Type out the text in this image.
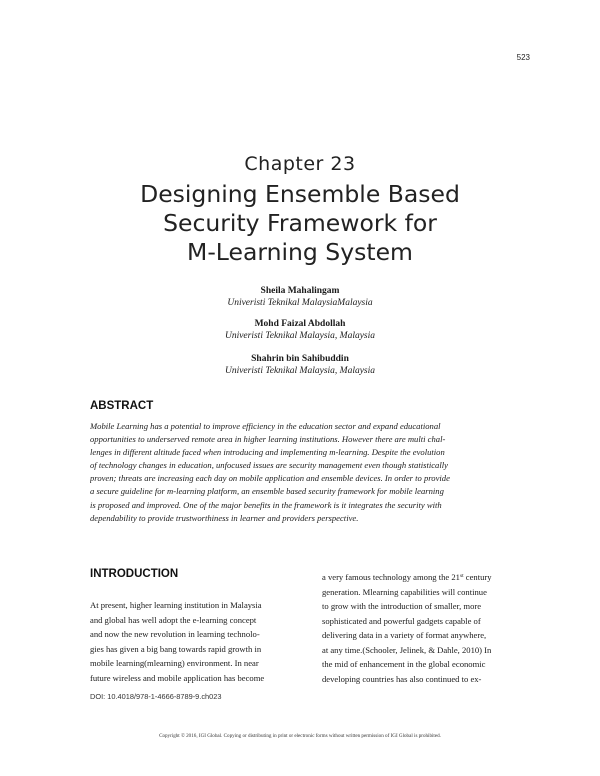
523
Chapter 23
Designing Ensemble Based
Security Framework for
M-Learning System
Sheila Mahalingam
Univeristi Teknikal MalaysiaMalaysia
Mohd Faizal Abdollah
Univeristi Teknikal Malaysia, Malaysia
Shahrin bin Sahibuddin
Univeristi Teknikal Malaysia, Malaysia
ABSTRACT
Mobile Learning has a potential to improve efficiency in the education sector and expand educational
opportunities to underserved remote area in higher learning institutions. However there are multi chal-
lenges in different altitude faced when introducing and implementing m-learning. Despite the evolution
of technology changes in education, unfocused issues are security management even though statistically
proven; threats are increasing each day on mobile application and ensemble devices. In order to provide
a secure guideline for m-learning platform, an ensemble based security framework for mobile learning
is proposed and improved. One of the major benefits in the framework is it integrates the security with
dependability to provide trustworthiness in learner and providers perspective.
INTRODUCTION
At present, higher learning institution in Malaysia
and global has well adopt the e-learning concept
and now the new revolution in learning technolo-
gies has given a big bang towards rapid growth in
mobile learning(mlearning) environment. In near
future wireless and mobile application has become
a very famous technology among the 21st century
generation. Mlearning capabilities will continue
to grow with the introduction of smaller, more
sophisticated and powerful gadgets capable of
delivering data in a variety of format anywhere,
at any time.(Schooler, Jelinek, & Dahle, 2010) In
the mid of enhancement in the global economic
developing countries has also continued to ex-
DOI: 10.4018/978-1-4666-8789-9.ch023
Copyright © 2016, IGI Global. Copying or distributing in print or electronic forms without written permission of IGI Global is prohibited.
